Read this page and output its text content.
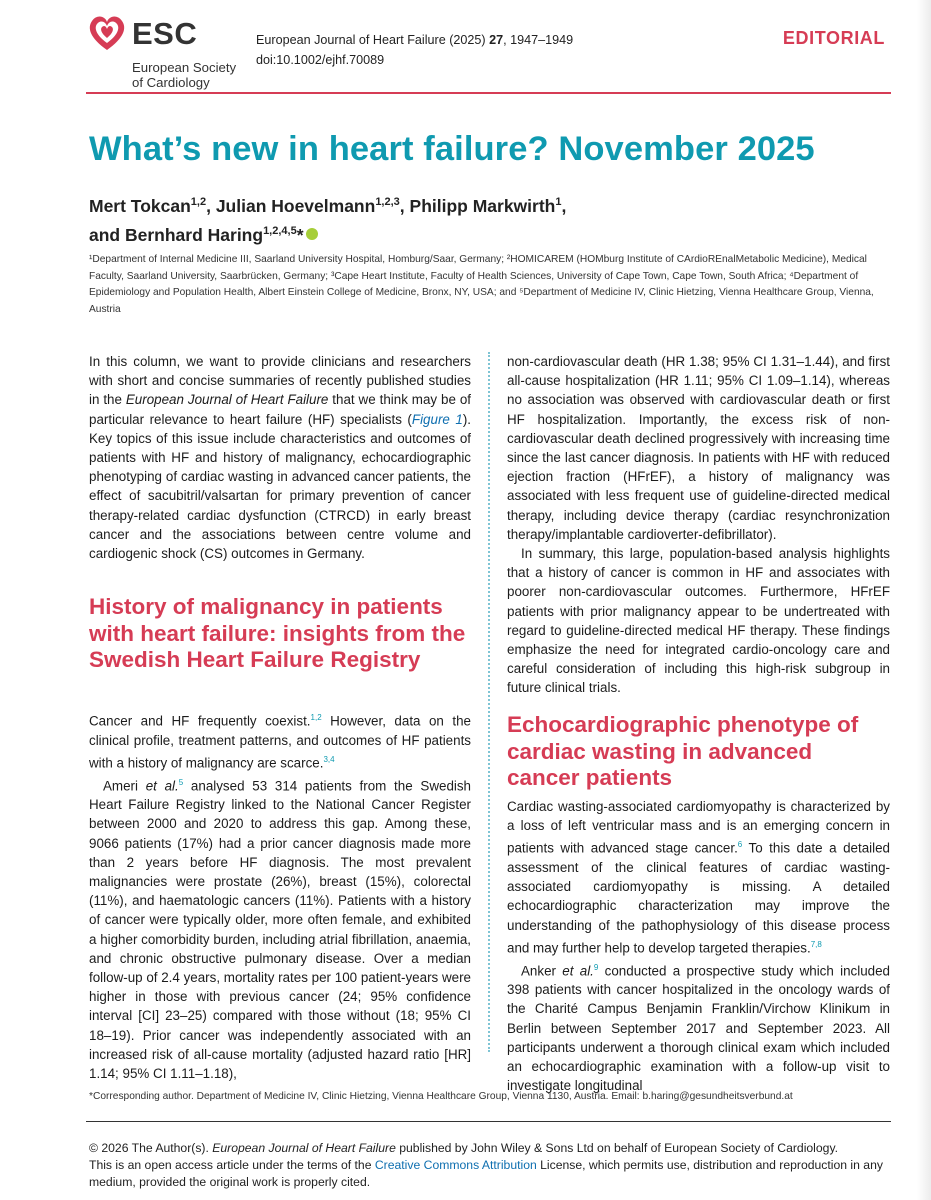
ESC
European Society
of Cardiology
European Journal of Heart Failure (2025) 27, 1947–1949
doi:10.1002/ejhf.70089
EDITORIAL
What’s new in heart failure? November 2025
Mert Tokcan$^{1,2}$, Julian Hoevelmann$^{1,2,3}$, Philipp Markwirth$^1$,
and Bernhard Haring$^{1,2,4,5}$*
¹Department of Internal Medicine III, Saarland University Hospital, Homburg/Saar, Germany; ²HOMICAREM (HOMburg Institute of CArdioREnalMetabolic Medicine), Medical Faculty, Saarland University, Saarbrücken, Germany; ³Cape Heart Institute, Faculty of Health Sciences, University of Cape Town, Cape Town, South Africa; ⁴Department of Epidemiology and Population Health, Albert Einstein College of Medicine, Bronx, NY, USA; and ⁵Department of Medicine IV, Clinic Hietzing, Vienna Healthcare Group, Vienna, Austria

In this column, we want to provide clinicians and researchers with short and concise summaries of recently published studies in the European Journal of Heart Failure that we think may be of particular relevance to heart failure (HF) specialists (Figure 1). Key topics of this issue include characteristics and outcomes of patients with HF and history of malignancy, echocardiographic phenotyping of cardiac wasting in advanced cancer patients, the effect of sacubitril/valsartan for primary prevention of cancer therapy-related cardiac dysfunction (CTRCD) in early breast cancer and the associations between centre volume and cardiogenic shock (CS) outcomes in Germany.

History of malignancy in patients with heart failure: insights from the Swedish Heart Failure Registry

Cancer and HF frequently coexist.$^{1,2}$ However, data on the clinical profile, treatment patterns, and outcomes of HF patients with a history of malignancy are scarce.$^{3,4}$

Ameri et al.$^5$ analysed 53 314 patients from the Swedish Heart Failure Registry linked to the National Cancer Register between 2000 and 2020 to address this gap. Among these, 9066 patients (17%) had a prior cancer diagnosis made more than 2 years before HF diagnosis. The most prevalent malignancies were prostate (26%), breast (15%), colorectal (11%), and haematologic cancers (11%). Patients with a history of cancer were typically older, more often female, and exhibited a higher comorbidity burden, including atrial fibrillation, anaemia, and chronic obstructive pulmonary disease. Over a median follow-up of 2.4 years, mortality rates per 100 patient-years were higher in those with previous cancer (24; 95% confidence interval [CI] 23–25) compared with those without (18; 95% CI 18–19). Prior cancer was independently associated with an increased risk of all-cause mortality (adjusted hazard ratio [HR] 1.14; 95% CI 1.11–1.18),

non-cardiovascular death (HR 1.38; 95% CI 1.31–1.44), and first all-cause hospitalization (HR 1.11; 95% CI 1.09–1.14), whereas no association was observed with cardiovascular death or first HF hospitalization. Importantly, the excess risk of non-cardiovascular death declined progressively with increasing time since the last cancer diagnosis. In patients with HF with reduced ejection fraction (HFrEF), a history of malignancy was associated with less frequent use of guideline-directed medical therapy, including device therapy (cardiac resynchronization therapy/implantable cardioverter-defibrillator).

In summary, this large, population-based analysis highlights that a history of cancer is common in HF and associates with poorer non-cardiovascular outcomes. Furthermore, HFrEF patients with prior malignancy appear to be undertreated with regard to guideline-directed medical HF therapy. These findings emphasize the need for integrated cardio-oncology care and careful consideration of including this high-risk subgroup in future clinical trials.

Echocardiographic phenotype of cardiac wasting in advanced cancer patients

Cardiac wasting-associated cardiomyopathy is characterized by a loss of left ventricular mass and is an emerging concern in patients with advanced stage cancer.$^6$ To this date a detailed assessment of the clinical features of cardiac wasting-associated cardiomyopathy is missing. A detailed echocardiographic characterization may improve the understanding of the pathophysiology of this disease process and may further help to develop targeted therapies.$^{7,8}$

Anker et al.$^9$ conducted a prospective study which included 398 patients with cancer hospitalized in the oncology wards of the Charité Campus Benjamin Franklin/Virchow Klinikum in Berlin between September 2017 and September 2023. All participants underwent a thorough clinical exam which included an echocardiographic examination with a follow-up visit to investigate longitudinal

*Corresponding author. Department of Medicine IV, Clinic Hietzing, Vienna Healthcare Group, Vienna 1130, Austria. Email: b.haring@gesundheitsverbund.at
© 2026 The Author(s). European Journal of Heart Failure published by John Wiley & Sons Ltd on behalf of European Society of Cardiology.
This is an open access article under the terms of the Creative Commons Attribution License, which permits use, distribution and reproduction in any medium, provided the original work is properly cited.
